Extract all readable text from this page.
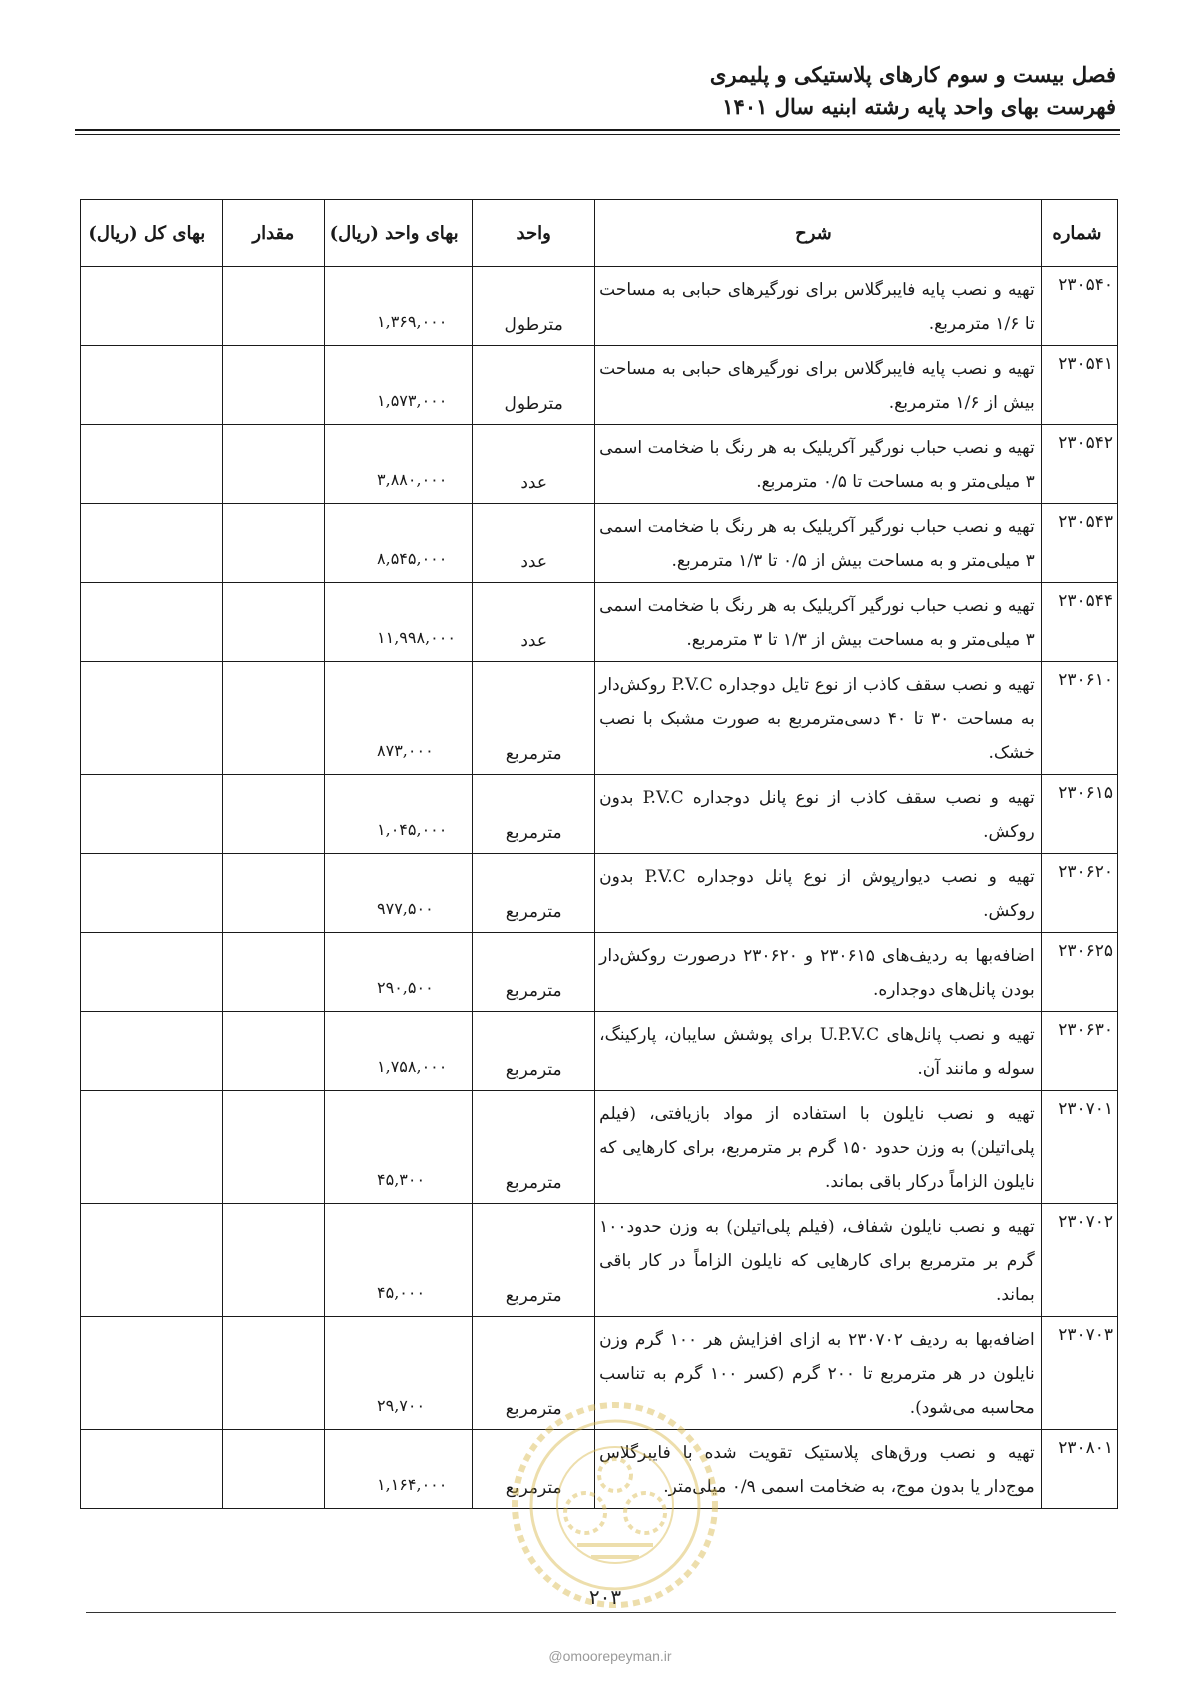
فصل بیست و سوم کارهای پلاستیکی و پلیمری
فهرست بهای واحد پایه رشته ابنیه سال ۱۴۰۱
شماره	شرح	واحد	بهای واحد (ریال)	مقدار	بهای کل (ریال)
۲۳۰۵۴۰	تهیه و نصب پایه فایبرگلاس برای نورگیرهای حبابی به مساحت تا ۱/۶ مترمربع.	مترطول	۱,۳۶۹,۰۰۰		
۲۳۰۵۴۱	تهیه و نصب پایه فایبرگلاس برای نورگیرهای حبابی به مساحت بیش از ۱/۶ مترمربع.	مترطول	۱,۵۷۳,۰۰۰		
۲۳۰۵۴۲	تهیه و نصب حباب نورگیر آکریلیک به هر رنگ با ضخامت اسمی ۳ میلی‌متر و به مساحت تا ۰/۵ مترمربع.	عدد	۳,۸۸۰,۰۰۰		
۲۳۰۵۴۳	تهیه و نصب حباب نورگیر آکریلیک به هر رنگ با ضخامت اسمی ۳ میلی‌متر و به مساحت بیش از ۰/۵ تا ۱/۳ مترمربع.	عدد	۸,۵۴۵,۰۰۰		
۲۳۰۵۴۴	تهیه و نصب حباب نورگیر آکریلیک به هر رنگ با ضخامت اسمی ۳ میلی‌متر و به مساحت بیش از ۱/۳ تا ۳ مترمربع.	عدد	۱۱,۹۹۸,۰۰۰		
۲۳۰۶۱۰	تهیه و نصب سقف کاذب از نوع تایل دوجداره P.V.C روکش‌دار به مساحت ۳۰ تا ۴۰ دسی‌مترمربع به صورت مشبک با نصب خشک.	مترمربع	۸۷۳,۰۰۰		
۲۳۰۶۱۵	تهیه و نصب سقف کاذب از نوع پانل دوجداره P.V.C بدون روکش.	مترمربع	۱,۰۴۵,۰۰۰		
۲۳۰۶۲۰	تهیه و نصب دیوارپوش از نوع پانل دوجداره P.V.C بدون روکش.	مترمربع	۹۷۷,۵۰۰		
۲۳۰۶۲۵	اضافه‌بها به ردیف‌های ۲۳۰۶۱۵ و ۲۳۰۶۲۰ درصورت روکش‌دار بودن پانل‌های دوجداره.	مترمربع	۲۹۰,۵۰۰		
۲۳۰۶۳۰	تهیه و نصب پانل‌های U.P.V.C برای پوشش سایبان، پارکینگ، سوله و مانند آن.	مترمربع	۱,۷۵۸,۰۰۰		
۲۳۰۷۰۱	تهیه و نصب نایلون با استفاده از مواد بازیافتی، (فیلم پلی‌اتیلن) به وزن حدود ۱۵۰ گرم بر مترمربع، برای کارهایی که نایلون الزاماً درکار باقی بماند.	مترمربع	۴۵,۳۰۰		
۲۳۰۷۰۲	تهیه و نصب نایلون شفاف، (فیلم پلی‌اتیلن) به وزن حدود۱۰۰ گرم بر مترمربع برای کارهایی که نایلون الزاماً در کار باقی بماند.	مترمربع	۴۵,۰۰۰		
۲۳۰۷۰۳	اضافه‌بها به ردیف ۲۳۰۷۰۲ به ازای افزایش هر ۱۰۰ گرم وزن نایلون در هر مترمربع تا ۲۰۰ گرم (کسر ۱۰۰ گرم به تناسب محاسبه می‌شود).	مترمربع	۲۹,۷۰۰		
۲۳۰۸۰۱	تهیه و نصب ورق‌های پلاستیک تقویت شده با فایبرگلاس موج‌دار یا بدون موج، به ضخامت اسمی ۰/۹ میلی‌متر.	مترمربع	۱,۱۶۴,۰۰۰		
۲۰۳
@omoorepeyman.ir
